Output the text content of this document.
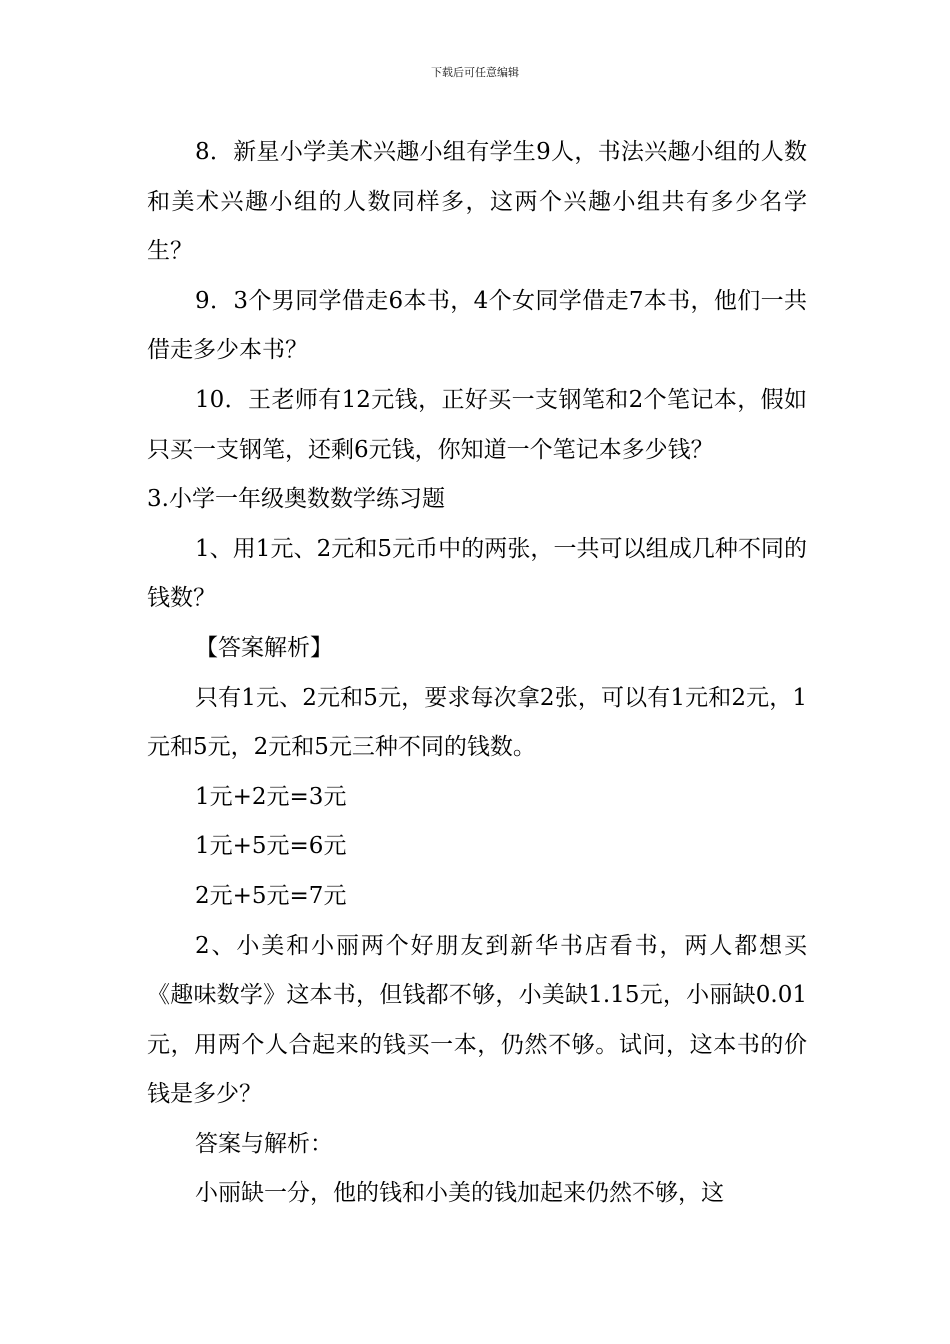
下载后可任意编辑

8．新星小学美术兴趣小组有学生9人，书法兴趣小组的人数和美术兴趣小组的人数同样多，这两个兴趣小组共有多少名学生？

9．3个男同学借走6本书，4个女同学借走7本书，他们一共借走多少本书？

10．王老师有12元钱，正好买一支钢笔和2个笔记本，假如只买一支钢笔，还剩6元钱，你知道一个笔记本多少钱？

3.小学一年级奥数数学练习题

1、用1元、2元和5元币中的两张，一共可以组成几种不同的钱数？

【答案解析】

只有1元、2元和5元，要求每次拿2张，可以有1元和2元，1元和5元，2元和5元三种不同的钱数。

1元+2元=3元

1元+5元=6元

2元+5元=7元

2、小美和小丽两个好朋友到新华书店看书，两人都想买《趣味数学》这本书，但钱都不够，小美缺1.15元，小丽缺0.01元，用两个人合起来的钱买一本，仍然不够。试问，这本书的价钱是多少？

答案与解析：

小丽缺一分，他的钱和小美的钱加起来仍然不够，这
